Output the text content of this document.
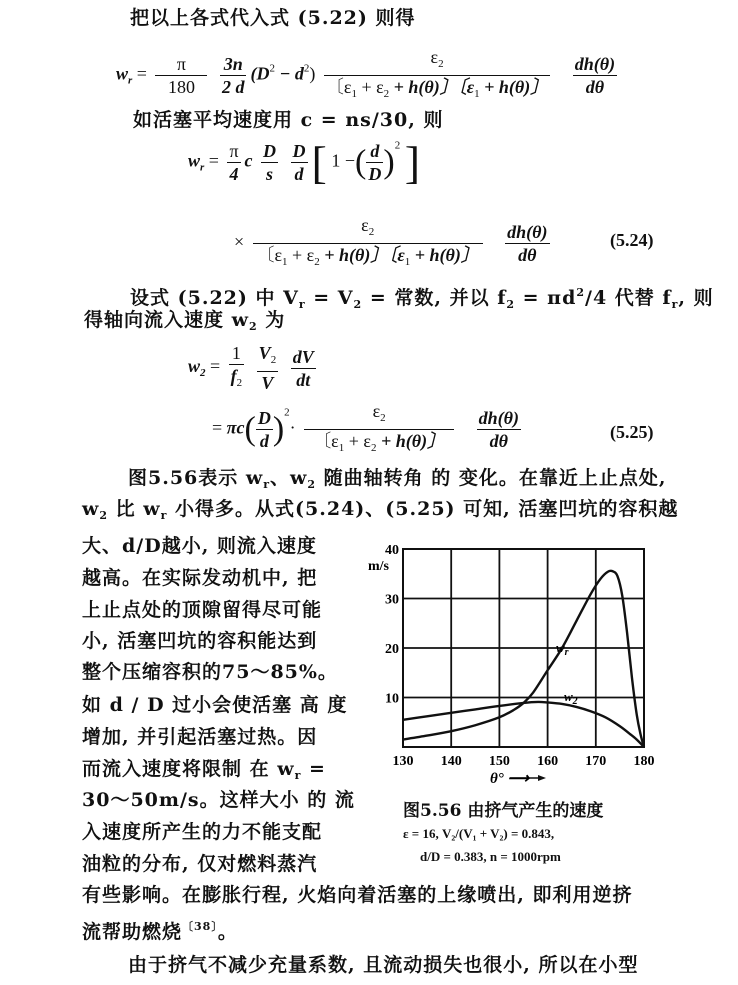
把以上各式代入式 (5.22) 则得
$w_r = \frac{\pi}{180}$
$\frac{3n}{2 d} (D^2 - d^2) \frac{\varepsilon_2}{〔\varepsilon_1 + \varepsilon_2 + h(\theta)〕〔\varepsilon_1 + h(\theta)〕}$
$\frac{dh(\theta)}{d\theta}$
如活塞平均速度用 c = ns/30, 则
$w_r = \frac{\pi}{4}$ c $\frac{D}{s}$
$\frac{D}{d}$ [ 1 −( $\frac{d}{D} )^2$ ]
× $\frac{\varepsilon_2}{〔\varepsilon_1 + \varepsilon_2 + h(\theta)〕〔\varepsilon_1 + h(\theta)〕}$
$\frac{dh(\theta)}{d\theta}$	(5.24)
设式 (5.22) 中 $V_r = V_2$ = 常数, 并以 $f_2 = \pi d^2/4$ 代替 $f_r$, 则
得轴向流入速度 $w_2$ 为
$w_2 = \frac{1}{f_2}$
$\frac{V_2}{V}$
$\frac{dV}{dt}$
= $\pi c( \frac{D}{d} )^2\cdot \frac{\varepsilon_2}{〔\varepsilon_1 + \varepsilon_2 + h(\theta)〕}$
$\frac{dh(\theta)}{d\theta}$	(5.25)
图5.56表示 $w_r$、$w_2$ 随曲轴转角 的 变化。在靠近上止点处,
$w_2$ 比 $w_r$ 小得多。从式(5.24)、(5.25) 可知, 活塞凹坑的容积越
大、d/D越小, 则流入速度
越高。在实际发动机中, 把
上止点处的顶隙留得尽可能
小, 活塞凹坑的容积能达到
整个压缩容积的75～85%。
如 d / D 过小会使活塞 高 度
增加, 并引起活塞过热。因
而流入速度将限制 在 $w_r$ =
30～50m/s。这样大小 的 流
入速度所产生的力不能支配
油粒的分布, 仅对燃料蒸汽
有些影响。在膨胀行程, 火焰向着活塞的上缘喷出, 即利用逆挤
流帮助燃烧$^{〔38〕}$。
由于挤气不减少充量系数, 且流动损失也很小, 所以在小型
130 140 150 160 170 180
10
20
30
40
m/s
θ° ⟶
$w_r$
$w_2$
图5.56 由挤气产生的速度
ε = 16, V₂/(V₁ + V₂) = 0.843,
d/D = 0.383, n = 1000rpm
